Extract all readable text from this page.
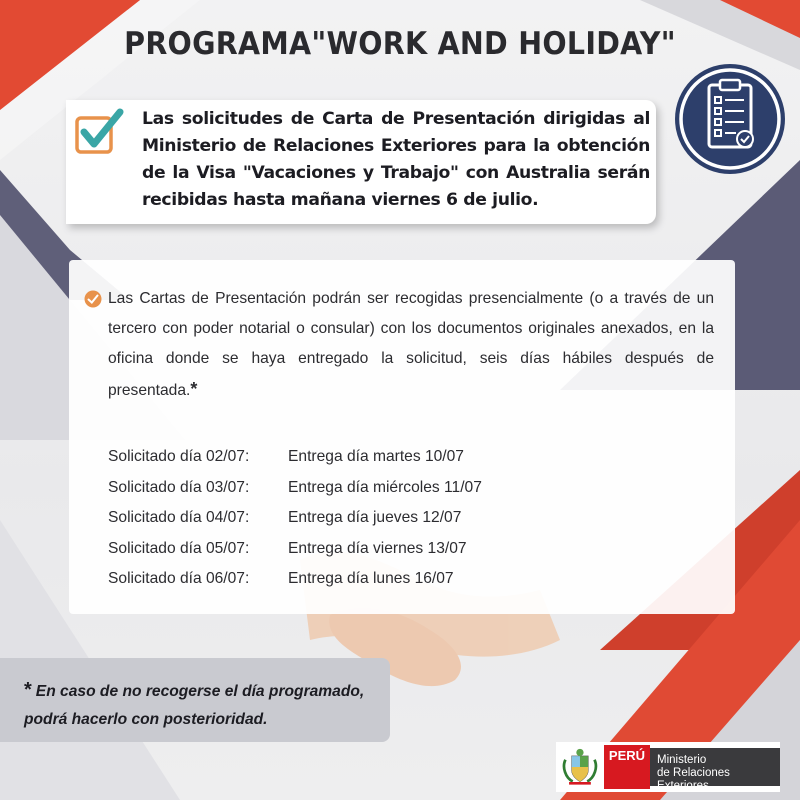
PROGRAMA"WORK AND HOLIDAY"
Las solicitudes de Carta de Presentación dirigidas al Ministerio de Relaciones Exteriores para la obtención de la Visa "Vacaciones y Trabajo" con Australia serán recibidas hasta mañana viernes 6 de julio.
Las Cartas de Presentación podrán ser recogidas presencialmente (o a través de un tercero con poder notarial o consular) con los documentos originales anexados, en la oficina donde se haya entregado la solicitud, seis días hábiles después de presentada.*
Solicitado día 02/07:	Entrega día martes 10/07
Solicitado día 03/07:	Entrega día miércoles 11/07
Solicitado día 04/07:	Entrega día jueves 12/07
Solicitado día 05/07:	Entrega día viernes 13/07
Solicitado día 06/07:	Entrega día lunes 16/07
* En caso de no recogerse el día programado, podrá hacerlo con posterioridad.
PERÚ	Ministerio
de Relaciones Exteriores
